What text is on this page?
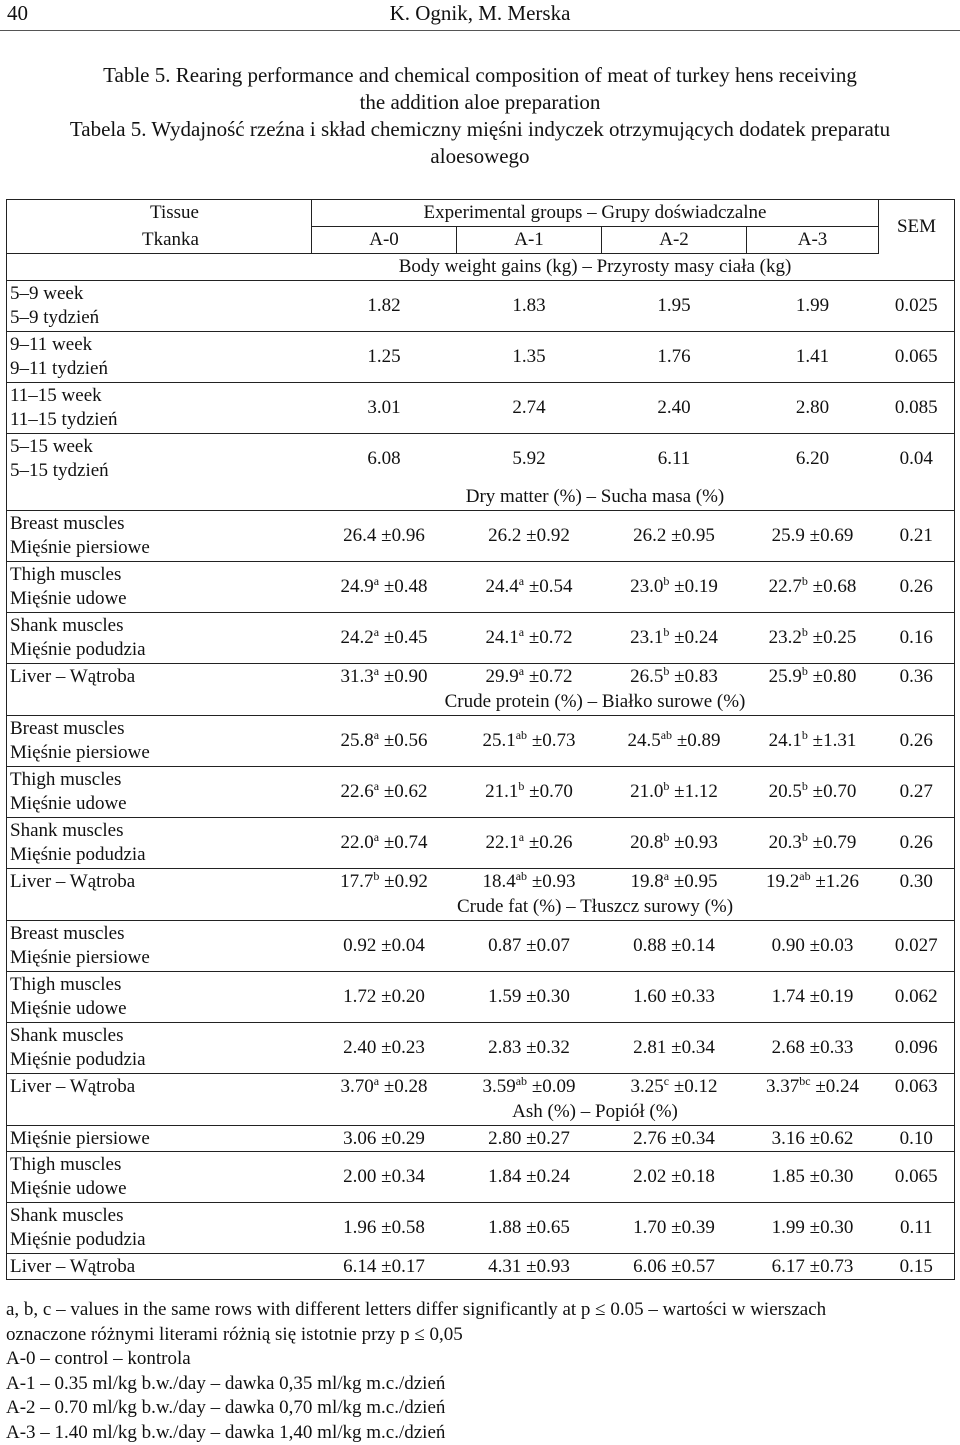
40	K. Ognik, M. Merska
Table 5. Rearing performance and chemical composition of meat of turkey hens receiving
the addition aloe preparation
Tabela 5. Wydajność rzeźna i skład chemiczny mięśni indyczek otrzymujących dodatek preparatu
aloesowego
Tissue	Experimental groups – Grupy doświadczalne				SEM
Tkanka	A-0	A-1	A-2	A-3	
	Body weight gains (kg) – Przyrosty masy ciała (kg)				

5–9 week
5–9 tydzień	1.82	1.83	1.95	1.99	0.025

9–11 week
9–11 tydzień	1.25	1.35	1.76	1.41	0.065

11–15 week
11–15 tydzień	3.01	2.74	2.40	2.80	0.085

5–15 week
5–15 tydzień	6.08	5.92	6.11	6.20	0.04
	Dry matter (%) – Sucha masa (%)				

Breast muscles
Mięśnie piersiowe	26.4 ±0.96	26.2 ±0.92	26.2 ±0.95	25.9 ±0.69	0.21

Thigh muscles
Mięśnie udowe	24.9$^a$ ±0.48	24.4$^a$ ±0.54	23.0$^b$ ±0.19	22.7$^b$ ±0.68	0.26

Shank muscles
Mięśnie podudzia	24.2$^a$ ±0.45	24.1$^a$ ±0.72	23.1$^b$ ±0.24	23.2$^b$ ±0.25	0.16

Liver – Wątroba	31.3$^a$ ±0.90	29.9$^a$ ±0.72	26.5$^b$ ±0.83	25.9$^b$ ±0.80	0.36
	Crude protein (%) – Białko surowe (%)				

Breast muscles
Mięśnie piersiowe	25.8$^a$ ±0.56	25.1$^{ab}$ ±0.73	24.5$^{ab}$ ±0.89	24.1$^b$ ±1.31	0.26

Thigh muscles
Mięśnie udowe	22.6$^a$ ±0.62	21.1$^b$ ±0.70	21.0$^b$ ±1.12	20.5$^b$ ±0.70	0.27

Shank muscles
Mięśnie podudzia	22.0$^a$ ±0.74	22.1$^a$ ±0.26	20.8$^b$ ±0.93	20.3$^b$ ±0.79	0.26

Liver – Wątroba	17.7$^b$ ±0.92	18.4$^{ab}$ ±0.93	19.8$^a$ ±0.95	19.2$^{ab}$ ±1.26	0.30
	Crude fat (%) – Tłuszcz surowy (%)				

Breast muscles
Mięśnie piersiowe	0.92 ±0.04	0.87 ±0.07	0.88 ±0.14	0.90 ±0.03	0.027

Thigh muscles
Mięśnie udowe	1.72 ±0.20	1.59 ±0.30	1.60 ±0.33	1.74 ±0.19	0.062

Shank muscles
Mięśnie podudzia	2.40 ±0.23	2.83 ±0.32	2.81 ±0.34	2.68 ±0.33	0.096

Liver – Wątroba	3.70$^a$ ±0.28	3.59$^{ab}$ ±0.09	3.25$^c$ ±0.12	3.37$^{bc}$ ±0.24	0.063
	Ash (%) – Popiół (%)				

Mięśnie piersiowe	3.06 ±0.29	2.80 ±0.27	2.76 ±0.34	3.16 ±0.62	0.10

Thigh muscles
Mięśnie udowe	2.00 ±0.34	1.84 ±0.24	2.02 ±0.18	1.85 ±0.30	0.065

Shank muscles
Mięśnie podudzia	1.96 ±0.58	1.88 ±0.65	1.70 ±0.39	1.99 ±0.30	0.11

Liver – Wątroba	6.14 ±0.17	4.31 ±0.93	6.06 ±0.57	6.17 ±0.73	0.15
a, b, c – values in the same rows with different letters differ significantly at p ≤ 0.05 – wartości w wierszach
oznaczone różnymi literami różnią się istotnie przy p ≤ 0,05
A-0 – control – kontrola
A-1 – 0.35 ml/kg b.w./day – dawka 0,35 ml/kg m.c./dzień
A-2 – 0.70 ml/kg b.w./day – dawka 0,70 ml/kg m.c./dzień
A-3 – 1.40 ml/kg b.w./day – dawka 1,40 ml/kg m.c./dzień
